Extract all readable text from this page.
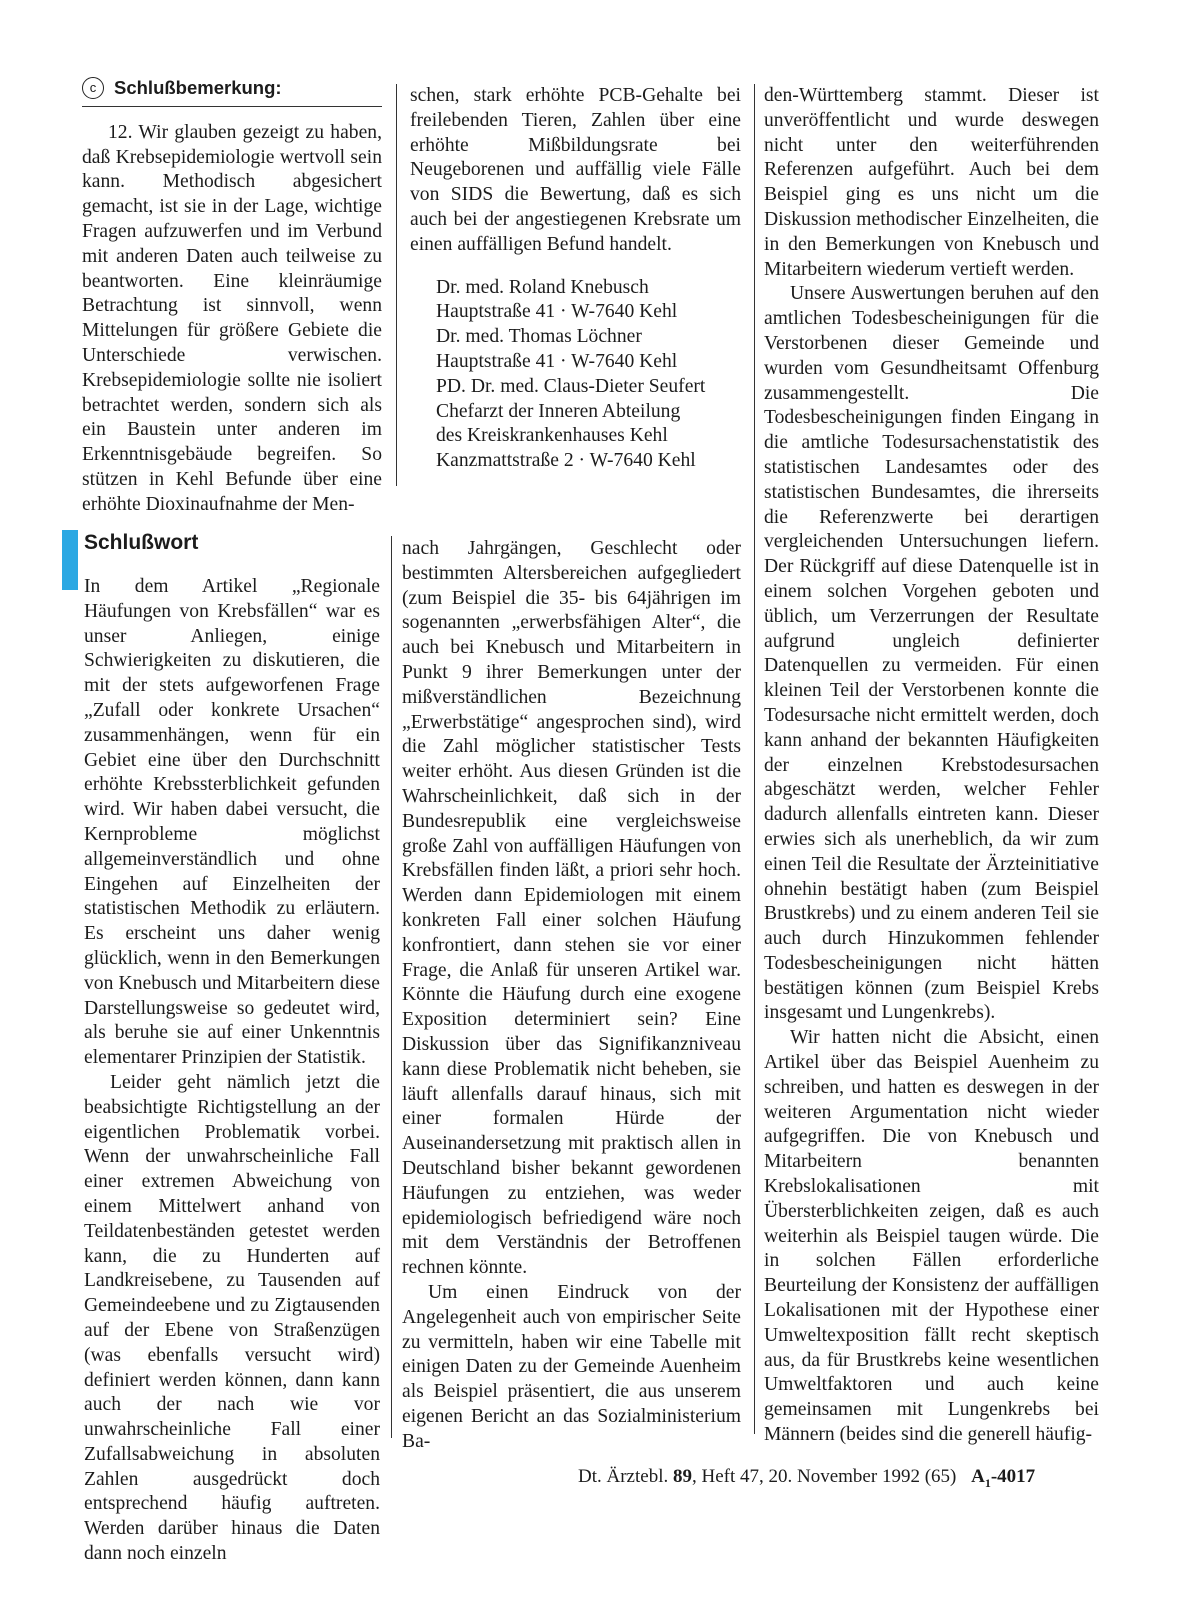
c Schlußbemerkung:

12. Wir glauben gezeigt zu haben, daß Krebsepidemiologie wertvoll sein kann. Methodisch abgesichert gemacht, ist sie in der Lage, wichtige Fragen aufzuwerfen und im Verbund mit anderen Daten auch teilweise zu beantworten. Eine kleinräumige Betrachtung ist sinnvoll, wenn Mittelungen für größere Gebiete die Unterschiede verwischen. Krebsepidemiologie sollte nie isoliert betrachtet werden, sondern sich als ein Baustein unter anderen im Erkenntnisgebäude begreifen. So stützen in Kehl Befunde über eine erhöhte Dioxinaufnahme der Men-

schen, stark erhöhte PCB-Gehalte bei freilebenden Tieren, Zahlen über eine erhöhte Mißbildungsrate bei Neugeborenen und auffällig viele Fälle von SIDS die Bewertung, daß es sich auch bei der angestiegenen Krebsrate um einen auffälligen Befund handelt.

Dr. med. Roland Knebusch
Hauptstraße 41 · W-7640 Kehl

Dr. med. Thomas Löchner
Hauptstraße 41 · W-7640 Kehl

PD. Dr. med. Claus-Dieter Seufert
Chefarzt der Inneren Abteilung
des Kreiskrankenhauses Kehl
Kanzmattstraße 2 · W-7640 Kehl

Schlußwort

In dem Artikel „Regionale Häufungen von Krebsfällen“ war es unser Anliegen, einige Schwierigkeiten zu diskutieren, die mit der stets aufgeworfenen Frage „Zufall oder konkrete Ursachen“ zusammenhängen, wenn für ein Gebiet eine über den Durchschnitt erhöhte Krebssterblichkeit gefunden wird. Wir haben dabei versucht, die Kernprobleme möglichst allgemeinverständlich und ohne Eingehen auf Einzelheiten der statistischen Methodik zu erläutern. Es erscheint uns daher wenig glücklich, wenn in den Bemerkungen von Knebusch und Mitarbeitern diese Darstellungsweise so gedeutet wird, als beruhe sie auf einer Unkenntnis elementarer Prinzipien der Statistik.

Leider geht nämlich jetzt die beabsichtigte Richtigstellung an der eigentlichen Problematik vorbei. Wenn der unwahrscheinliche Fall einer extremen Abweichung von einem Mittelwert anhand von Teildatenbeständen getestet werden kann, die zu Hunderten auf Landkreisebene, zu Tausenden auf Gemeindeebene und zu Zigtausenden auf der Ebene von Straßenzügen (was ebenfalls versucht wird) definiert werden können, dann kann auch der nach wie vor unwahrscheinliche Fall einer Zufallsabweichung in absoluten Zahlen ausgedrückt doch entsprechend häufig auftreten. Werden darüber hinaus die Daten dann noch einzeln

nach Jahrgängen, Geschlecht oder bestimmten Altersbereichen aufgegliedert (zum Beispiel die 35- bis 64jährigen im sogenannten „erwerbsfähigen Alter“, die auch bei Knebusch und Mitarbeitern in Punkt 9 ihrer Bemerkungen unter der mißverständlichen Bezeichnung „Erwerbstätige“ angesprochen sind), wird die Zahl möglicher statistischer Tests weiter erhöht. Aus diesen Gründen ist die Wahrscheinlichkeit, daß sich in der Bundesrepublik eine vergleichsweise große Zahl von auffälligen Häufungen von Krebsfällen finden läßt, a priori sehr hoch. Werden dann Epidemiologen mit einem konkreten Fall einer solchen Häufung konfrontiert, dann stehen sie vor einer Frage, die Anlaß für unseren Artikel war. Könnte die Häufung durch eine exogene Exposition determiniert sein? Eine Diskussion über das Signifikanzniveau kann diese Problematik nicht beheben, sie läuft allenfalls darauf hinaus, sich mit einer formalen Hürde der Auseinandersetzung mit praktisch allen in Deutschland bisher bekannt gewordenen Häufungen zu entziehen, was weder epidemiologisch befriedigend wäre noch mit dem Verständnis der Betroffenen rechnen könnte.

Um einen Eindruck von der Angelegenheit auch von empirischer Seite zu vermitteln, haben wir eine Tabelle mit einigen Daten zu der Gemeinde Auenheim als Beispiel präsentiert, die aus unserem eigenen Bericht an das Sozialministerium Ba-

den-Württemberg stammt. Dieser ist unveröffentlicht und wurde deswegen nicht unter den weiterführenden Referenzen aufgeführt. Auch bei dem Beispiel ging es uns nicht um die Diskussion methodischer Einzelheiten, die in den Bemerkungen von Knebusch und Mitarbeitern wiederum vertieft werden.

Unsere Auswertungen beruhen auf den amtlichen Todesbescheinigungen für die Verstorbenen dieser Gemeinde und wurden vom Gesundheitsamt Offenburg zusammengestellt. Die Todesbescheinigungen finden Eingang in die amtliche Todesursachenstatistik des statistischen Landesamtes oder des statistischen Bundesamtes, die ihrerseits die Referenzwerte bei derartigen vergleichenden Untersuchungen liefern. Der Rückgriff auf diese Datenquelle ist in einem solchen Vorgehen geboten und üblich, um Verzerrungen der Resultate aufgrund ungleich definierter Datenquellen zu vermeiden. Für einen kleinen Teil der Verstorbenen konnte die Todesursache nicht ermittelt werden, doch kann anhand der bekannten Häufigkeiten der einzelnen Krebstodesursachen abgeschätzt werden, welcher Fehler dadurch allenfalls eintreten kann. Dieser erwies sich als unerheblich, da wir zum einen Teil die Resultate der Ärzteinitiative ohnehin bestätigt haben (zum Beispiel Brustkrebs) und zu einem anderen Teil sie auch durch Hinzukommen fehlender Todesbescheinigungen nicht hätten bestätigen können (zum Beispiel Krebs insgesamt und Lungenkrebs).

Wir hatten nicht die Absicht, einen Artikel über das Beispiel Auenheim zu schreiben, und hatten es deswegen in der weiteren Argumentation nicht wieder aufgegriffen. Die von Knebusch und Mitarbeitern benannten Krebslokalisationen mit Übersterblichkeiten zeigen, daß es auch weiterhin als Beispiel taugen würde. Die in solchen Fällen erforderliche Beurteilung der Konsistenz der auffälligen Lokalisationen mit der Hypothese einer Umweltexposition fällt recht skeptisch aus, da für Brustkrebs keine wesentlichen Umweltfaktoren und auch keine gemeinsamen mit Lungenkrebs bei Männern (beides sind die generell häufig-

Dt. Ärztebl. 89, Heft 47, 20. November 1992 (65) $A_1-4017$
